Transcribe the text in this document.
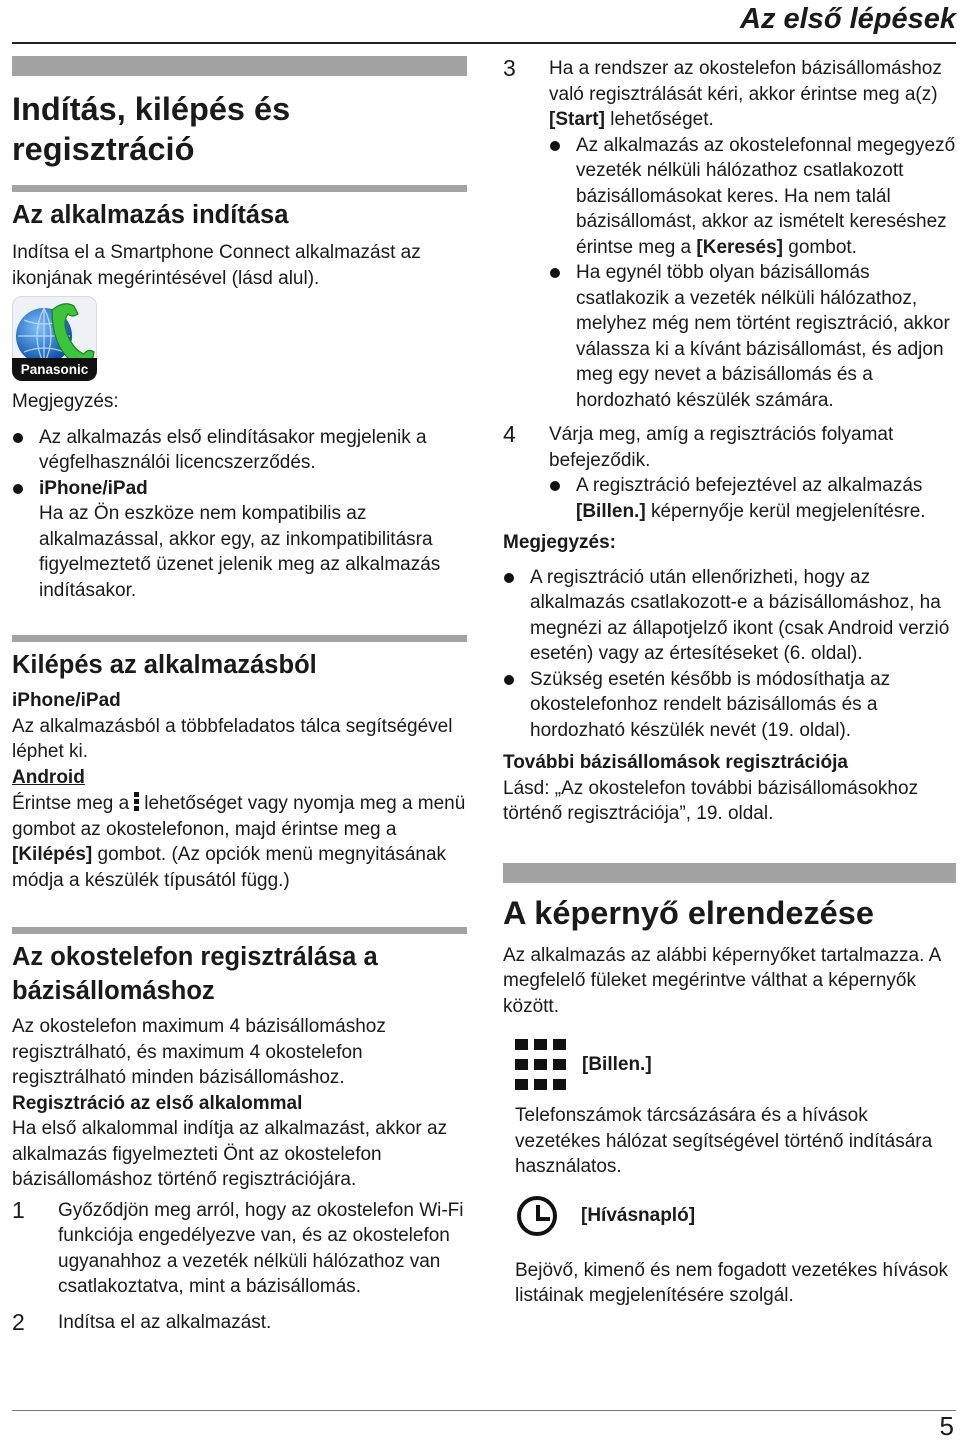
Az első lépések
Indítás, kilépés és regisztráció
Az alkalmazás indítása

Indítsa el a Smartphone Connect alkalmazást az ikonjának megérintésével (lásd alul).

Panasonic

Megjegyzés:

Az alkalmazás első elindításakor megjelenik a végfelhasználói licencszerződés.
iPhone/iPad
Ha az Ön eszköze nem kompatibilis az alkalmazással, akkor egy, az inkompatibilitásra figyelmeztető üzenet jelenik meg az alkalmazás indításakor.
Kilépés az alkalmazásból

iPhone/iPad

Az alkalmazásból a többfeladatos tálca segítségével léphet ki.

Android

Érintse meg a lehetőséget vagy nyomja meg a menü gombot az okostelefonon, majd érintse meg a [Kilépés] gombot. (Az opciók menü megnyitásának módja a készülék típusától függ.)

Az okostelefon regisztrálása a bázisállomáshoz

Az okostelefon maximum 4 bázisállomáshoz regisztrálható, és maximum 4 okostelefon regisztrálható minden bázisállomáshoz.

Regisztráció az első alkalommal

Ha első alkalommal indítja az alkalmazást, akkor az alkalmazás figyelmezteti Önt az okostelefon bázisállomáshoz történő regisztrációjára.

1 Győződjön meg arról, hogy az okostelefon Wi-Fi funkciója engedélyezve van, és az okostelefon ugyanahhoz a vezeték nélküli hálózathoz van csatlakoztatva, mint a bázisállomás.
2 Indítsa el az alkalmazást.
3 Ha a rendszer az okostelefon bázisállomáshoz való regisztrálását kéri, akkor érintse meg a(z) [Start] lehetőséget.
Az alkalmazás az okostelefonnal megegyező vezeték nélküli hálózathoz csatlakozott bázisállomásokat keres. Ha nem talál bázisállomást, akkor az ismételt kereséshez érintse meg a [Keresés] gombot.
Ha egynél több olyan bázisállomás csatlakozik a vezeték nélküli hálózathoz, melyhez még nem történt regisztráció, akkor válassza ki a kívánt bázisállomást, és adjon meg egy nevet a bázisállomás és a hordozható készülék számára.
4 Várja meg, amíg a regisztrációs folyamat befejeződik.
A regisztráció befejeztével az alkalmazás [Billen.] képernyője kerül megjelenítésre.

Megjegyzés:

A regisztráció után ellenőrizheti, hogy az alkalmazás csatlakozott-e a bázisállomáshoz, ha megnézi az állapotjelző ikont (csak Android verzió esetén) vagy az értesítéseket (6. oldal).
Szükség esetén később is módosíthatja az okostelefonhoz rendelt bázisállomás és a hordozható készülék nevét (19. oldal).

További bázisállomások regisztrációja

Lásd: „Az okostelefon további bázisállomásokhoz történő regisztrációja”, 19. oldal.

A képernyő elrendezése

Az alkalmazás az alábbi képernyőket tartalmazza. A megfelelő füleket megérintve válthat a képernyők között.

[Billen.]

Telefonszámok tárcsázására és a hívások vezetékes hálózat segítségével történő indítására használatos.

[Hívásnapló]

Bejövő, kimenő és nem fogadott vezetékes hívások listáinak megjelenítésére szolgál.

5
